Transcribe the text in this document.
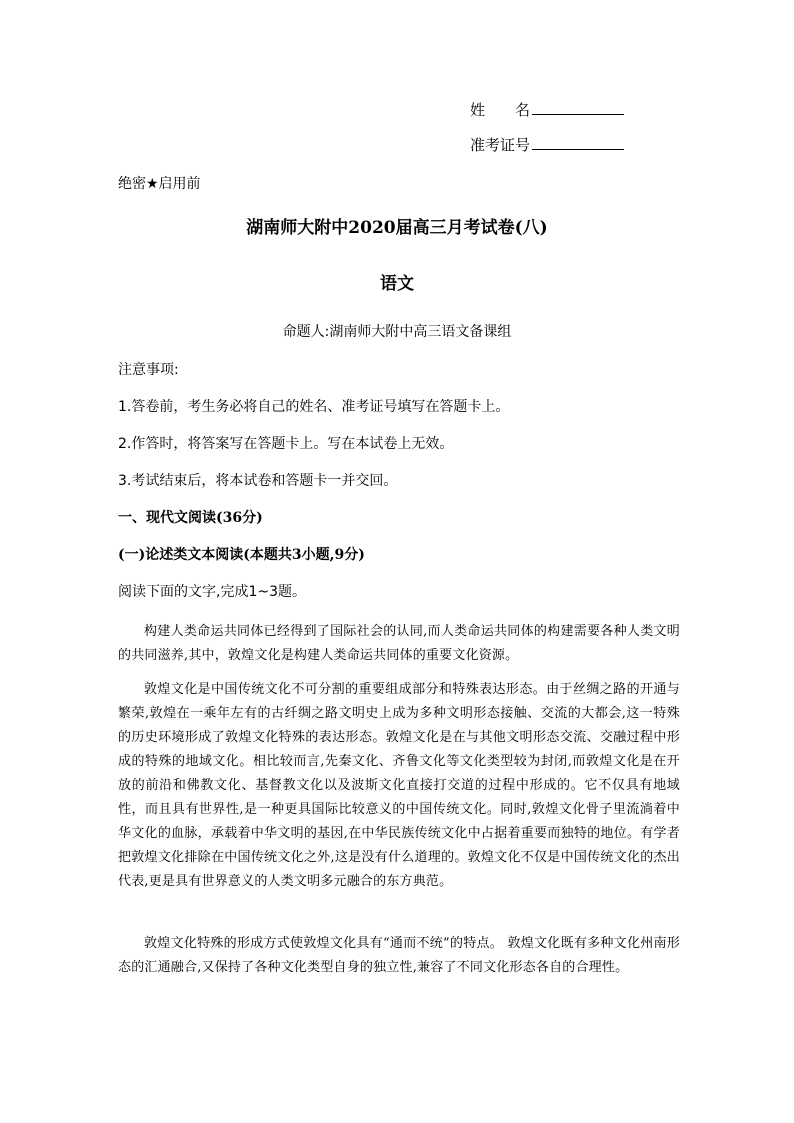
姓　　名
准考证号
绝密★启用前
湖南师大附中2020届高三月考试卷(八)
语文
命题人:湖南师大附中高三语文备课组
注意事项:
1.答卷前，考生务必将自己的姓名、准考证号填写在答题卡上。
2.作答时，将答案写在答题卡上。写在本试卷上无效。
3.考试结束后，将本试卷和答题卡一并交回。
一、现代文阅读(36分)
(一)论述类文本阅读(本题共3小题,9分)
阅读下面的文字,完成1~3题。
构建人类命运共同体已经得到了国际社会的认同,而人类命运共同体的构建需要各种人类文明的共同滋养,其中，敦煌文化是构建人类命运共同体的重要文化资源。
敦煌文化是中国传统文化不可分割的重要组成部分和特殊表达形态。由于丝绸之路的开通与繁荣,敦煌在一乘年左有的古纤绸之路文明史上成为多种文明形态接触、交流的大都会,这一特殊的历史环境形成了敦煌文化特殊的表达形态。敦煌文化是在与其他文明形态交流、交融过程中形成的特殊的地域文化。相比较而言,先秦文化、齐鲁文化等文化类型较为封闭,而敦煌文化是在开放的前沿和佛教文化、基督教文化以及波斯文化直接打交道的过程中形成的。它不仅具有地域性，而且具有世界性,是一种更具国际比较意义的中国传统文化。同时,敦煌文化骨子里流淌着中华文化的血脉，承载着中华文明的基因,在中华民族传统文化中占据着重要而独特的地位。有学者把敦煌文化排除在中国传统文化之外,这是没有什么道理的。敦煌文化不仅是中国传统文化的杰出代表,更是具有世界意义的人类文明多元融合的东方典范。
敦煌文化特殊的形成方式使敦煌文化具有“通而不统”的特点。 敦煌文化既有多种文化州南形态的汇通融合,又保持了各种文化类型自身的独立性,兼容了不同文化形态各自的合理性。
